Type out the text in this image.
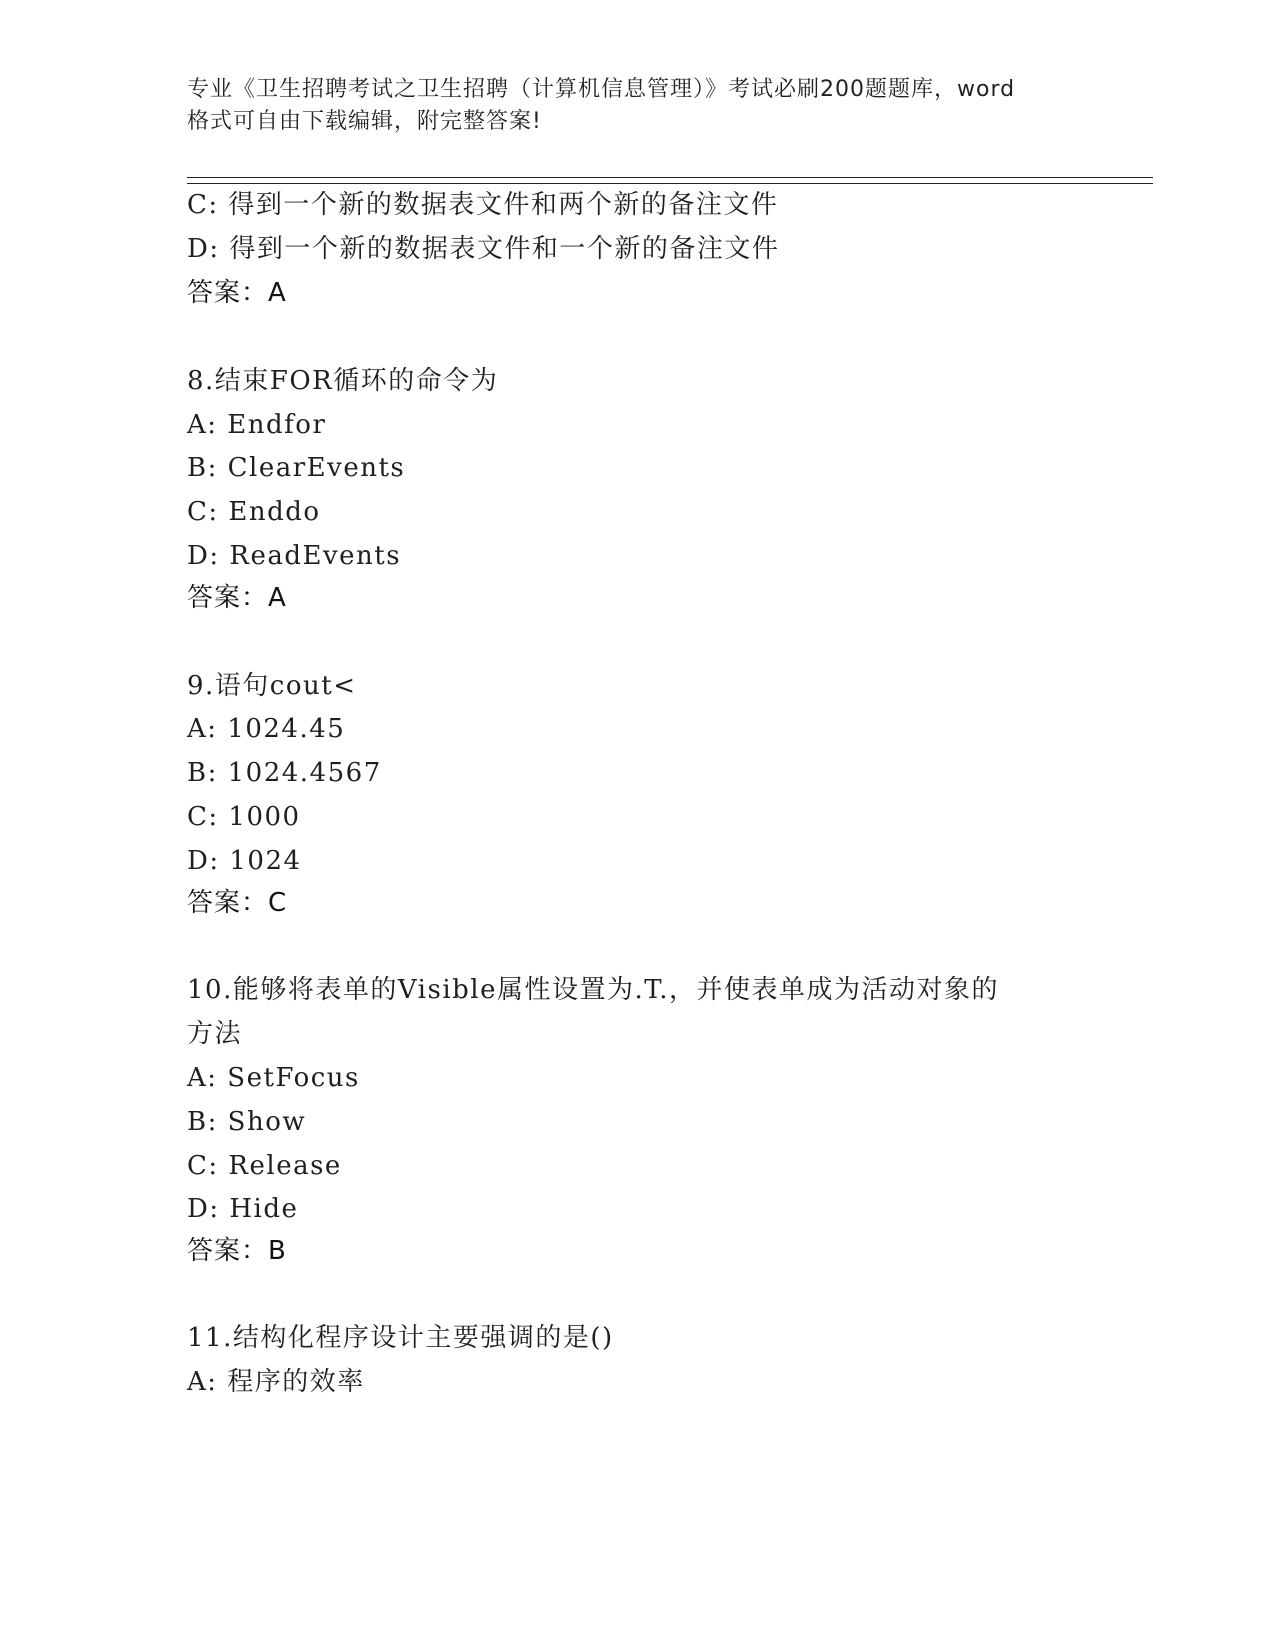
专业《卫生招聘考试之卫生招聘（计算机信息管理）》考试必刷200题题库，word
格式可自由下载编辑，附完整答案!
C: 得到一个新的数据表文件和两个新的备注文件
D: 得到一个新的数据表文件和一个新的备注文件
答案：A
8.结束FOR循环的命令为
A: Endfor
B: ClearEvents
C: Enddo
D: ReadEvents
答案：A
9.语句cout<
A: 1024.45
B: 1024.4567
C: 1000
D: 1024
答案：C
10.能够将表单的Visible属性设置为.T.，并使表单成为活动对象的
方法
A: SetFocus
B: Show
C: Release
D: Hide
答案：B
11.结构化程序设计主要强调的是()
A: 程序的效率
